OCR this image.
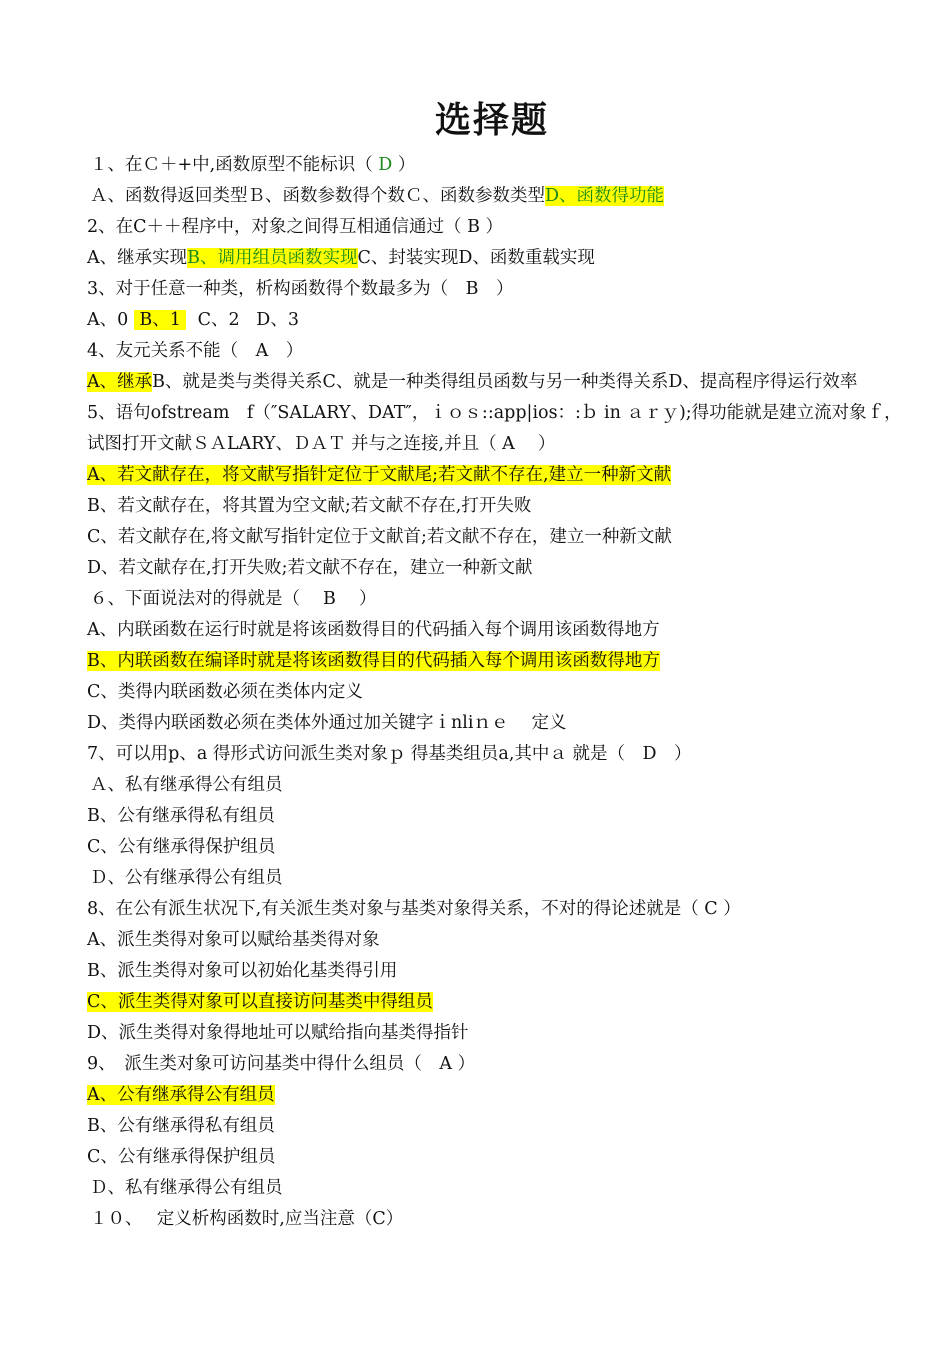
选择题
１、在Ｃ＋+中,函数原型不能标识（ D ）
Ａ、函数得返回类型Ｂ、函数参数得个数Ｃ、函数参数类型D、函数得功能
2、在C＋＋程序中，对象之间得互相通信通过（ B ）
A、继承实现B、调用组员函数实现C、封装实现D、函数重载实现
3、对于任意一种类，析构函数得个数最多为（　B　）
A、0  B、1   C、2   D、3
4、友元关系不能（　A　）
A、继承B、就是类与类得关系C、就是一种类得组员函数与另一种类得关系D、提高程序得运行效率
5、语句ofstream　f（″SALARY、DAT″，ｉｏｓ::app|ios：:ｂ in ａｒｙ);得功能就是建立流对象ｆ，试图打开文献ＳＡLARY、ＤＡＴ 并与之连接,并且（ A　 ）
A、若文献存在，将文献写指针定位于文献尾;若文献不存在,建立一种新文献
B、若文献存在，将其置为空文献;若文献不存在,打开失败
C、若文献存在,将文献写指针定位于文献首;若文献不存在，建立一种新文献
D、若文献存在,打开失败;若文献不存在，建立一种新文献
６、下面说法对的得就是（　 B 　）
A、内联函数在运行时就是将该函数得目的代码插入每个调用该函数得地方
B、内联函数在编译时就是将该函数得目的代码插入每个调用该函数得地方
C、类得内联函数必须在类体内定义
D、类得内联函数必须在类体外通过加关键字ｉnliｎｅ　 定义
7、可以用p、a 得形式访问派生类对象ｐ 得基类组员a,其中ａ 就是（　D　）
Ａ、私有继承得公有组员
B、公有继承得私有组员
C、公有继承得保护组员
Ｄ、公有继承得公有组员
8、在公有派生状况下,有关派生类对象与基类对象得关系，不对的得论述就是（ C ）
A、派生类得对象可以赋给基类得对象
B、派生类得对象可以初始化基类得引用
C、派生类得对象可以直接访问基类中得组员
D、派生类得对象得地址可以赋给指向基类得指针
9、　派生类对象可访问基类中得什么组员（　A ）
A、公有继承得公有组员
B、公有继承得私有组员
C、公有继承得保护组员
Ｄ、私有继承得公有组员
１０、　 定义析构函数时,应当注意（C）
